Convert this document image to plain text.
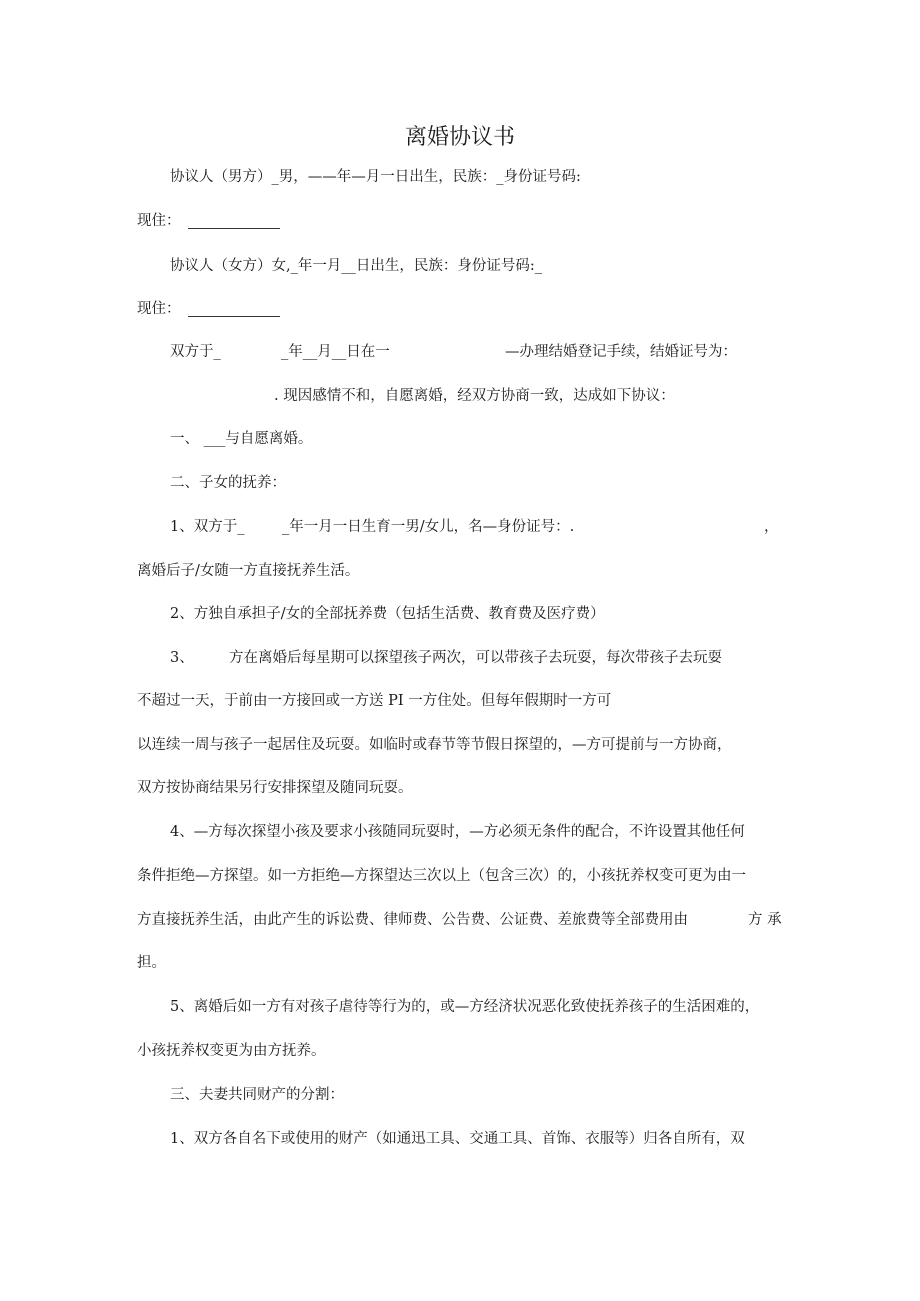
离婚协议书
协议人（男方）_男，——年—月一日出生，民族：_身份证号码:
现住：
协议人（女方）女,_年一月__日出生，民族：身份证号码:_
现住：
双方于_	_年__月__日在一	—办理结婚登记手续，结婚证号为：
. 现因感情不和，自愿离婚，经双方协商一致，达成如下协议：
一、 ___与自愿离婚。
二、子女的抚养：
1、双方于_	_年一月一日生育一男/女儿，名—身份证号：.	，
离婚后子/女随一方直接抚养生活。
2、方独自承担子/女的全部抚养费（包括生活费、教育费及医疗费）
3、 方在离婚后每星期可以探望孩子两次，可以带孩子去玩耍，每次带孩子去玩耍
不超过一天，于前由一方接回或一方送 PI 一方住处。但每年假期时一方可
以连续一周与孩子一起居住及玩耍。如临时或春节等节假日探望的，—方可提前与一方协商，
双方按协商结果另行安排探望及随同玩耍。
4、—方每次探望小孩及要求小孩随同玩耍时，—方必须无条件的配合，不许设置其他任何
条件拒绝—方探望。如一方拒绝—方探望达三次以上（包含三次）的，小孩抚养权变可更为由一
方直接抚养生活，由此产生的诉讼费、律师费、公告费、公证费、差旅费等全部费用由	方 承
担。
5、离婚后如一方有对孩子虐待等行为的，或—方经济状况恶化致使抚养孩子的生活困难的，
小孩抚养权变更为由方抚养。
三、夫妻共同财产的分割：
1、双方各自名下或使用的财产（如通迅工具、交通工具、首饰、衣服等）归各自所有，双
